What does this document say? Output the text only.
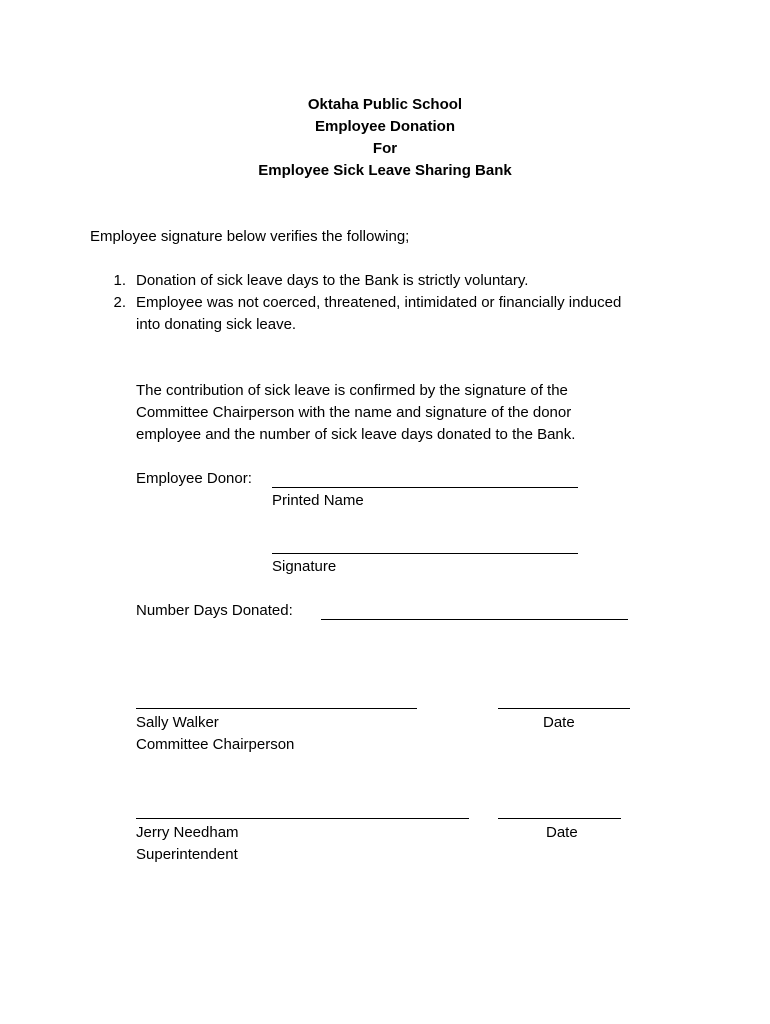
Oktaha Public School
Employee Donation
For
Employee Sick Leave Sharing Bank
Employee signature below verifies the following;
1. Donation of sick leave days to the Bank is strictly voluntary.
2. Employee was not coerced, threatened, intimidated or financially induced
into donating sick leave.
The contribution of sick leave is confirmed by the signature of the
Committee Chairperson with the name and signature of the donor
employee and the number of sick leave days donated to the Bank.
Employee Donor:
Printed Name
Signature
Number Days Donated:
Sally Walker	Date
Committee Chairperson
Jerry Needham	Date
Superintendent
